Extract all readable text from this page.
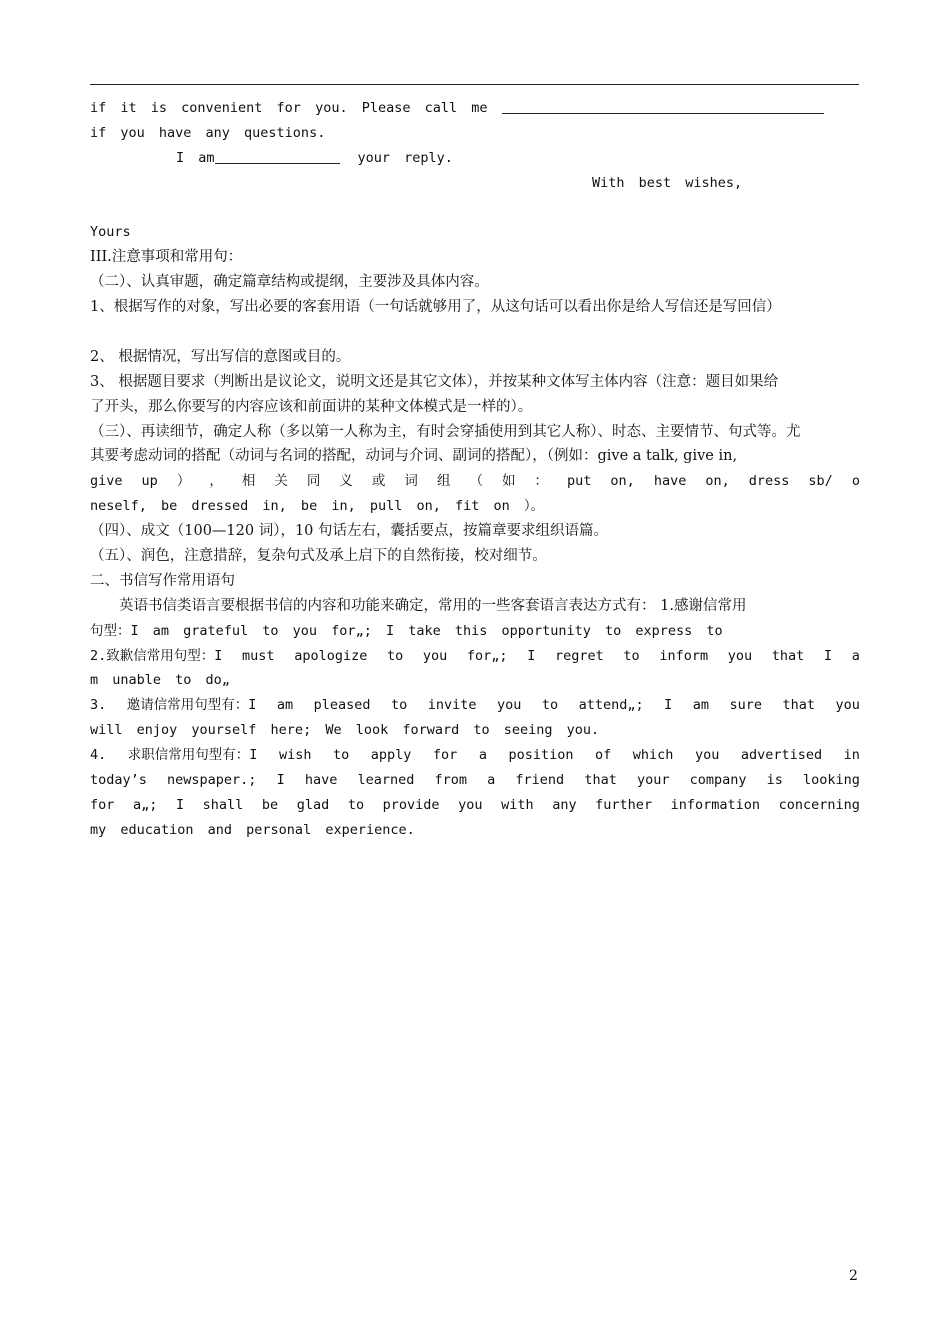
if it is convenient for you. Please call me
if you have any questions.
I am	your reply.
With best wishes,
Yours
III.注意事项和常用句：
（二）、认真审题，确定篇章结构或提纲，主要涉及具体内容。
1、根据写作的对象，写出必要的客套用语（一句话就够用了，从这句话可以看出你是给人写信还是写回信）
2、 根据情况，写出写信的意图或目的。
3、 根据题目要求（判断出是议论文，说明文还是其它文体），并按某种文体写主体内容（注意：题目如果给
了开头，那么你要写的内容应该和前面讲的某种文体模式是一样的）。
（三）、再读细节，确定人称（多以第一人称为主，有时会穿插使用到其它人称）、时态、主要情节、句式等。尤
其要考虑动词的搭配（动词与名词的搭配，动词与介词、副词的搭配），（例如：give a talk, give in,
give up ） ， 相 关 同 义 或 词 组 （ 如 ： put on, have on, dress sb/ o
neself, be dressed in, be in, pull on, fit on ）。
（四）、成文（100—120 词），10 句话左右，囊括要点，按篇章要求组织语篇。
（五）、润色，注意措辞，复杂句式及承上启下的自然衔接，校对细节。
二、书信写作常用语句
英语书信类语言要根据书信的内容和功能来确定，常用的一些客套语言表达方式有： 1.感谢信常用
句型：I am grateful to you for„; I take this opportunity to express to
2.致歉信常用句型：I must apologize to you for„; I regret to inform you that I a
m unable to do„
3. 邀请信常用句型有：I am pleased to invite you to attend„; I am sure that you
will enjoy yourself here; We look forward to seeing you.
4. 求职信常用句型有：I wish to apply for a position of which you advertised in
today’s newspaper.; I have learned from a friend that your company is looking
for a„; I shall be glad to provide you with any further information concerning
my education and personal experience.
2
